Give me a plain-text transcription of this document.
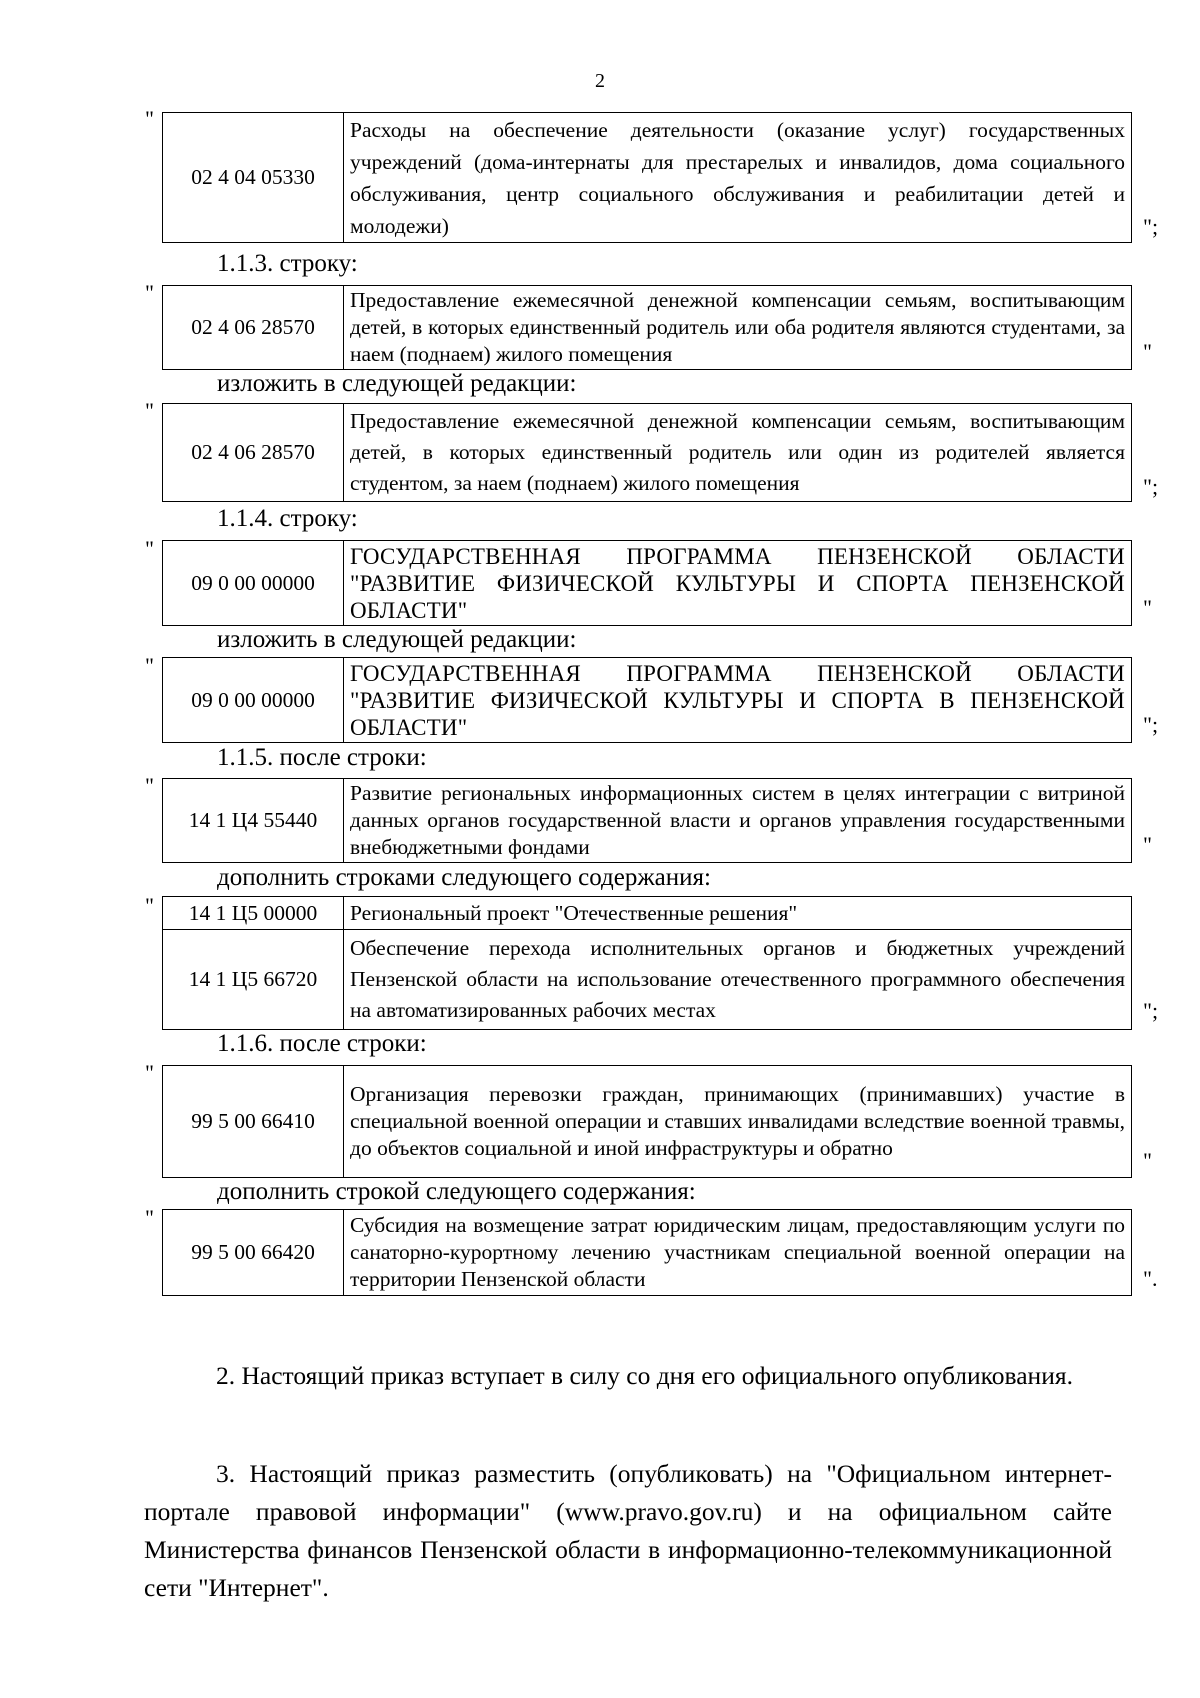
2
"
02 4 04 05330	Расходы на обеспечение деятельности (оказание услуг) государственных учреждений (дома-интернаты для престарелых и инвалидов, дома социального обслуживания, центр социального обслуживания и реабилитации детей и молодежи)	";
1.1.3. строку:
"
02 4 06 28570	Предоставление ежемесячной денежной компенсации семьям, воспитывающим детей, в которых единственный родитель или оба родителя являются студентами, за наем (поднаем) жилого помещения	"
изложить в следующей редакции:
"
02 4 06 28570	Предоставление ежемесячной денежной компенсации семьям, воспитывающим детей, в которых единственный родитель или один из родителей является студентом, за наем (поднаем) жилого помещения	";
1.1.4. строку:
"
09 0 00 00000	ГОСУДАРСТВЕННАЯ ПРОГРАММА ПЕНЗЕНСКОЙ ОБЛАСТИ "РАЗВИТИЕ ФИЗИЧЕСКОЙ КУЛЬТУРЫ И СПОРТА ПЕНЗЕНСКОЙ ОБЛАСТИ"	"
изложить в следующей редакции:
"
09 0 00 00000	ГОСУДАРСТВЕННАЯ ПРОГРАММА ПЕНЗЕНСКОЙ ОБЛАСТИ "РАЗВИТИЕ ФИЗИЧЕСКОЙ КУЛЬТУРЫ И СПОРТА В ПЕНЗЕНСКОЙ ОБЛАСТИ"	";
1.1.5. после строки:
"
14 1 Ц4 55440	Развитие региональных информационных систем в целях интеграции с витриной данных органов государственной власти и органов управления государственными внебюджетными фондами	"
дополнить строками следующего содержания:
" 14 1 Ц5 00000	Региональный проект "Отечественные решения"
14 1 Ц5 66720	Обеспечение перехода исполнительных органов и бюджетных учреждений Пензенской области на использование отечественного программного обеспечения на автоматизированных рабочих местах	";
1.1.6. после строки:
"
99 5 00 66410	Организация перевозки граждан, принимающих (принимавших) участие в специальной военной операции и ставших инвалидами вследствие военной травмы, до объектов социальной и иной инфраструктуры и обратно	"
дополнить строкой следующего содержания:
"
99 5 00 66420	Субсидия на возмещение затрат юридическим лицам, предоставляющим услуги по санаторно-курортному лечению участникам специальной военной операции на территории Пензенской области	".
2. Настоящий приказ вступает в силу со дня его официального опубликования.
3. Настоящий приказ разместить (опубликовать) на "Официальном интернет-портале правовой информации" (www.pravo.gov.ru) и на официальном сайте Министерства финансов Пензенской области в информационно-телекоммуникационной сети "Интернет".
